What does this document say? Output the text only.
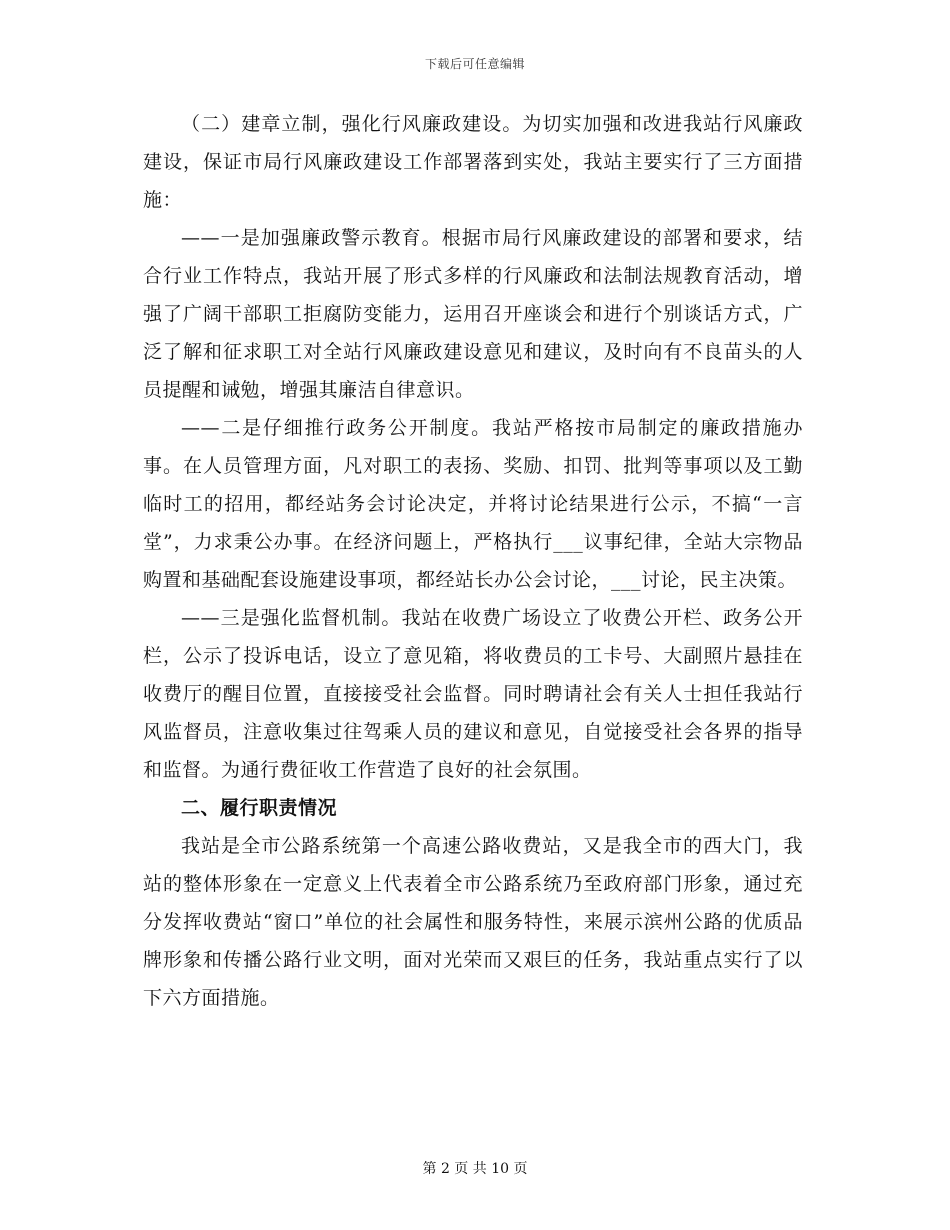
下载后可任意编辑

（二）建章立制，强化行风廉政建设。为切实加强和改进我站行风廉政建设，保证市局行风廉政建设工作部署落到实处，我站主要实行了三方面措施：

——一是加强廉政警示教育。根据市局行风廉政建设的部署和要求，结合行业工作特点，我站开展了形式多样的行风廉政和法制法规教育活动，增强了广阔干部职工拒腐防变能力，运用召开座谈会和进行个别谈话方式，广泛了解和征求职工对全站行风廉政建设意见和建议，及时向有不良苗头的人员提醒和诫勉，增强其廉洁自律意识。

——二是仔细推行政务公开制度。我站严格按市局制定的廉政措施办事。在人员管理方面，凡对职工的表扬、奖励、扣罚、批判等事项以及工勤临时工的招用，都经站务会讨论决定，并将讨论结果进行公示，不搞“一言堂”，力求秉公办事。在经济问题上，严格执行___议事纪律，全站大宗物品购置和基础配套设施建设事项，都经站长办公会讨论，___讨论，民主决策。

——三是强化监督机制。我站在收费广场设立了收费公开栏、政务公开栏，公示了投诉电话，设立了意见箱，将收费员的工卡号、大副照片悬挂在收费厅的醒目位置，直接接受社会监督。同时聘请社会有关人士担任我站行风监督员，注意收集过往驾乘人员的建议和意见，自觉接受社会各界的指导和监督。为通行费征收工作营造了良好的社会氛围。

二、履行职责情况

我站是全市公路系统第一个高速公路收费站，又是我全市的西大门，我站的整体形象在一定意义上代表着全市公路系统乃至政府部门形象，通过充分发挥收费站“窗口”单位的社会属性和服务特性，来展示滨州公路的优质品牌形象和传播公路行业文明，面对光荣而又艰巨的任务，我站重点实行了以下六方面措施。

第 2 页 共 10 页
